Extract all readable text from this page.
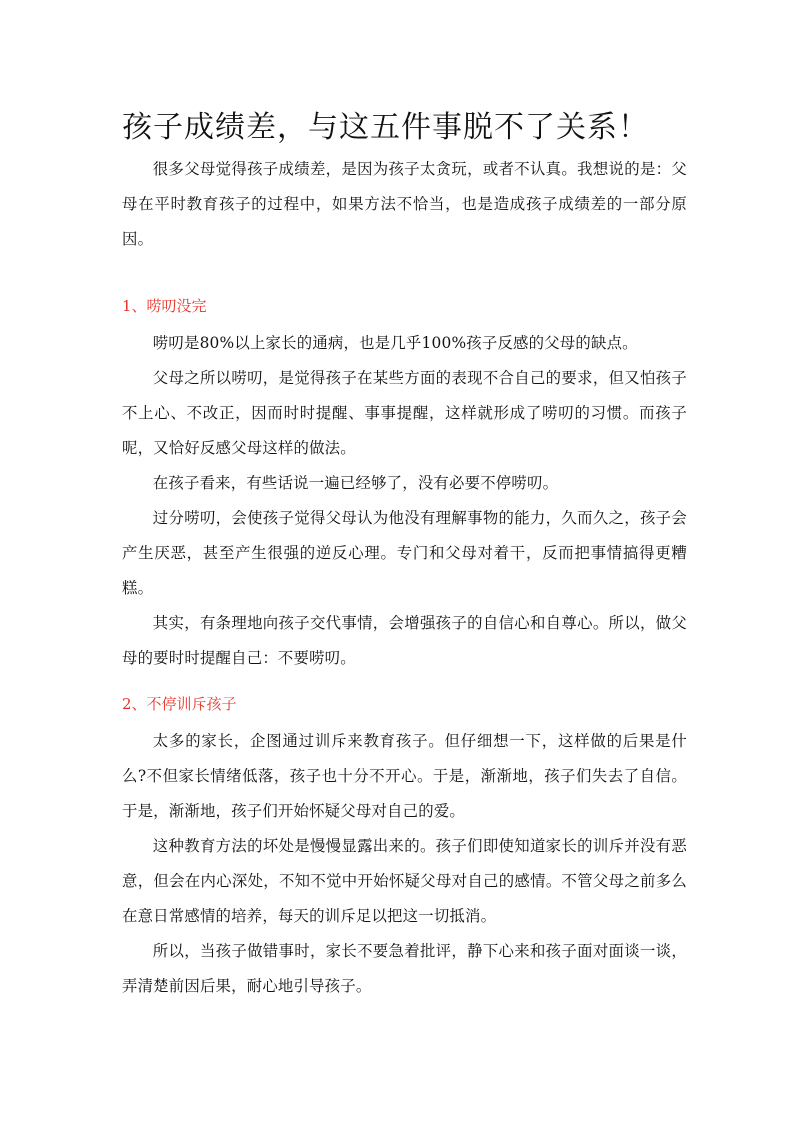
孩子成绩差，与这五件事脱不了关系！

很多父母觉得孩子成绩差，是因为孩子太贪玩，或者不认真。我想说的是：父母在平时教育孩子的过程中，如果方法不恰当，也是造成孩子成绩差的一部分原因。

1、唠叨没完

唠叨是80%以上家长的通病，也是几乎100%孩子反感的父母的缺点。

父母之所以唠叨，是觉得孩子在某些方面的表现不合自己的要求，但又怕孩子不上心、不改正，因而时时提醒、事事提醒，这样就形成了唠叨的习惯。而孩子呢，又恰好反感父母这样的做法。

在孩子看来，有些话说一遍已经够了，没有必要不停唠叨。

过分唠叨，会使孩子觉得父母认为他没有理解事物的能力，久而久之，孩子会产生厌恶，甚至产生很强的逆反心理。专门和父母对着干，反而把事情搞得更糟糕。

其实，有条理地向孩子交代事情，会增强孩子的自信心和自尊心。所以，做父母的要时时提醒自己：不要唠叨。

2、不停训斥孩子

太多的家长，企图通过训斥来教育孩子。但仔细想一下，这样做的后果是什么?不但家长情绪低落，孩子也十分不开心。于是，渐渐地，孩子们失去了自信。于是，渐渐地，孩子们开始怀疑父母对自己的爱。

这种教育方法的坏处是慢慢显露出来的。孩子们即使知道家长的训斥并没有恶意，但会在内心深处，不知不觉中开始怀疑父母对自己的感情。不管父母之前多么在意日常感情的培养，每天的训斥足以把这一切抵消。

所以，当孩子做错事时，家长不要急着批评，静下心来和孩子面对面谈一谈，弄清楚前因后果，耐心地引导孩子。
